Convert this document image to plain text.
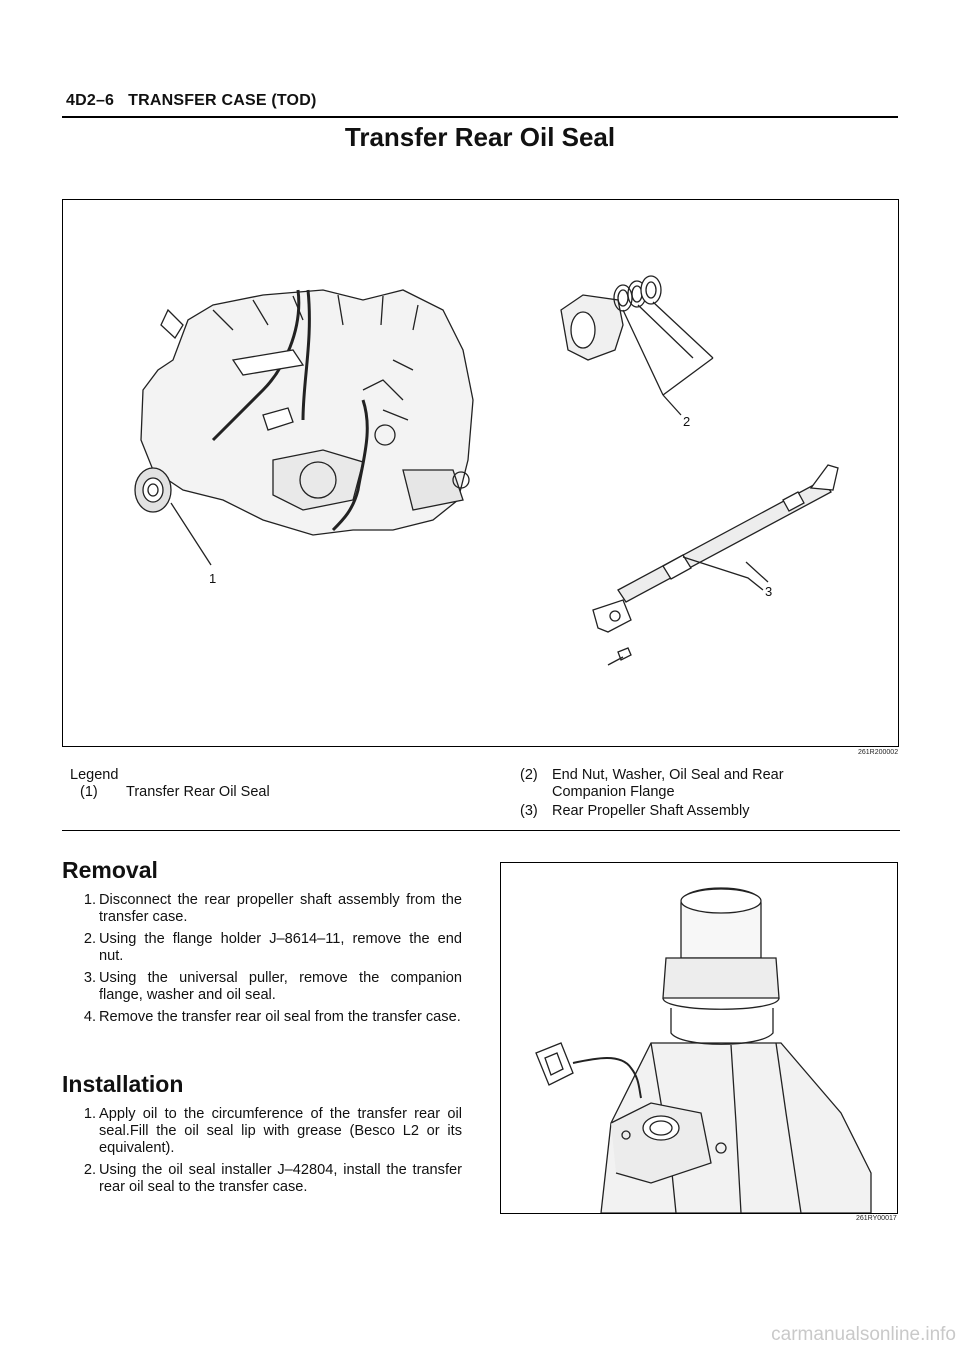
4D2–6 TRANSFER CASE (TOD)
Transfer Rear Oil Seal
1
2
3
261R200002
Legend
(1)	Transfer Rear Oil Seal
(2) End Nut, Washer, Oil Seal and Rear Companion Flange
(3) Rear Propeller Shaft Assembly
Removal
1. Disconnect the rear propeller shaft assembly from the transfer case.
2. Using the flange holder J–8614–11, remove the end nut.
3. Using the universal puller, remove the companion flange, washer and oil seal.
4. Remove the transfer rear oil seal from the transfer case.
Installation
1. Apply oil to the circumference of the transfer rear oil seal.Fill the oil seal lip with grease (Besco L2 or its equivalent).
2. Using the oil seal installer J–42804, install the transfer rear oil seal to the transfer case.
261RY00017
carmanualsonline.info
